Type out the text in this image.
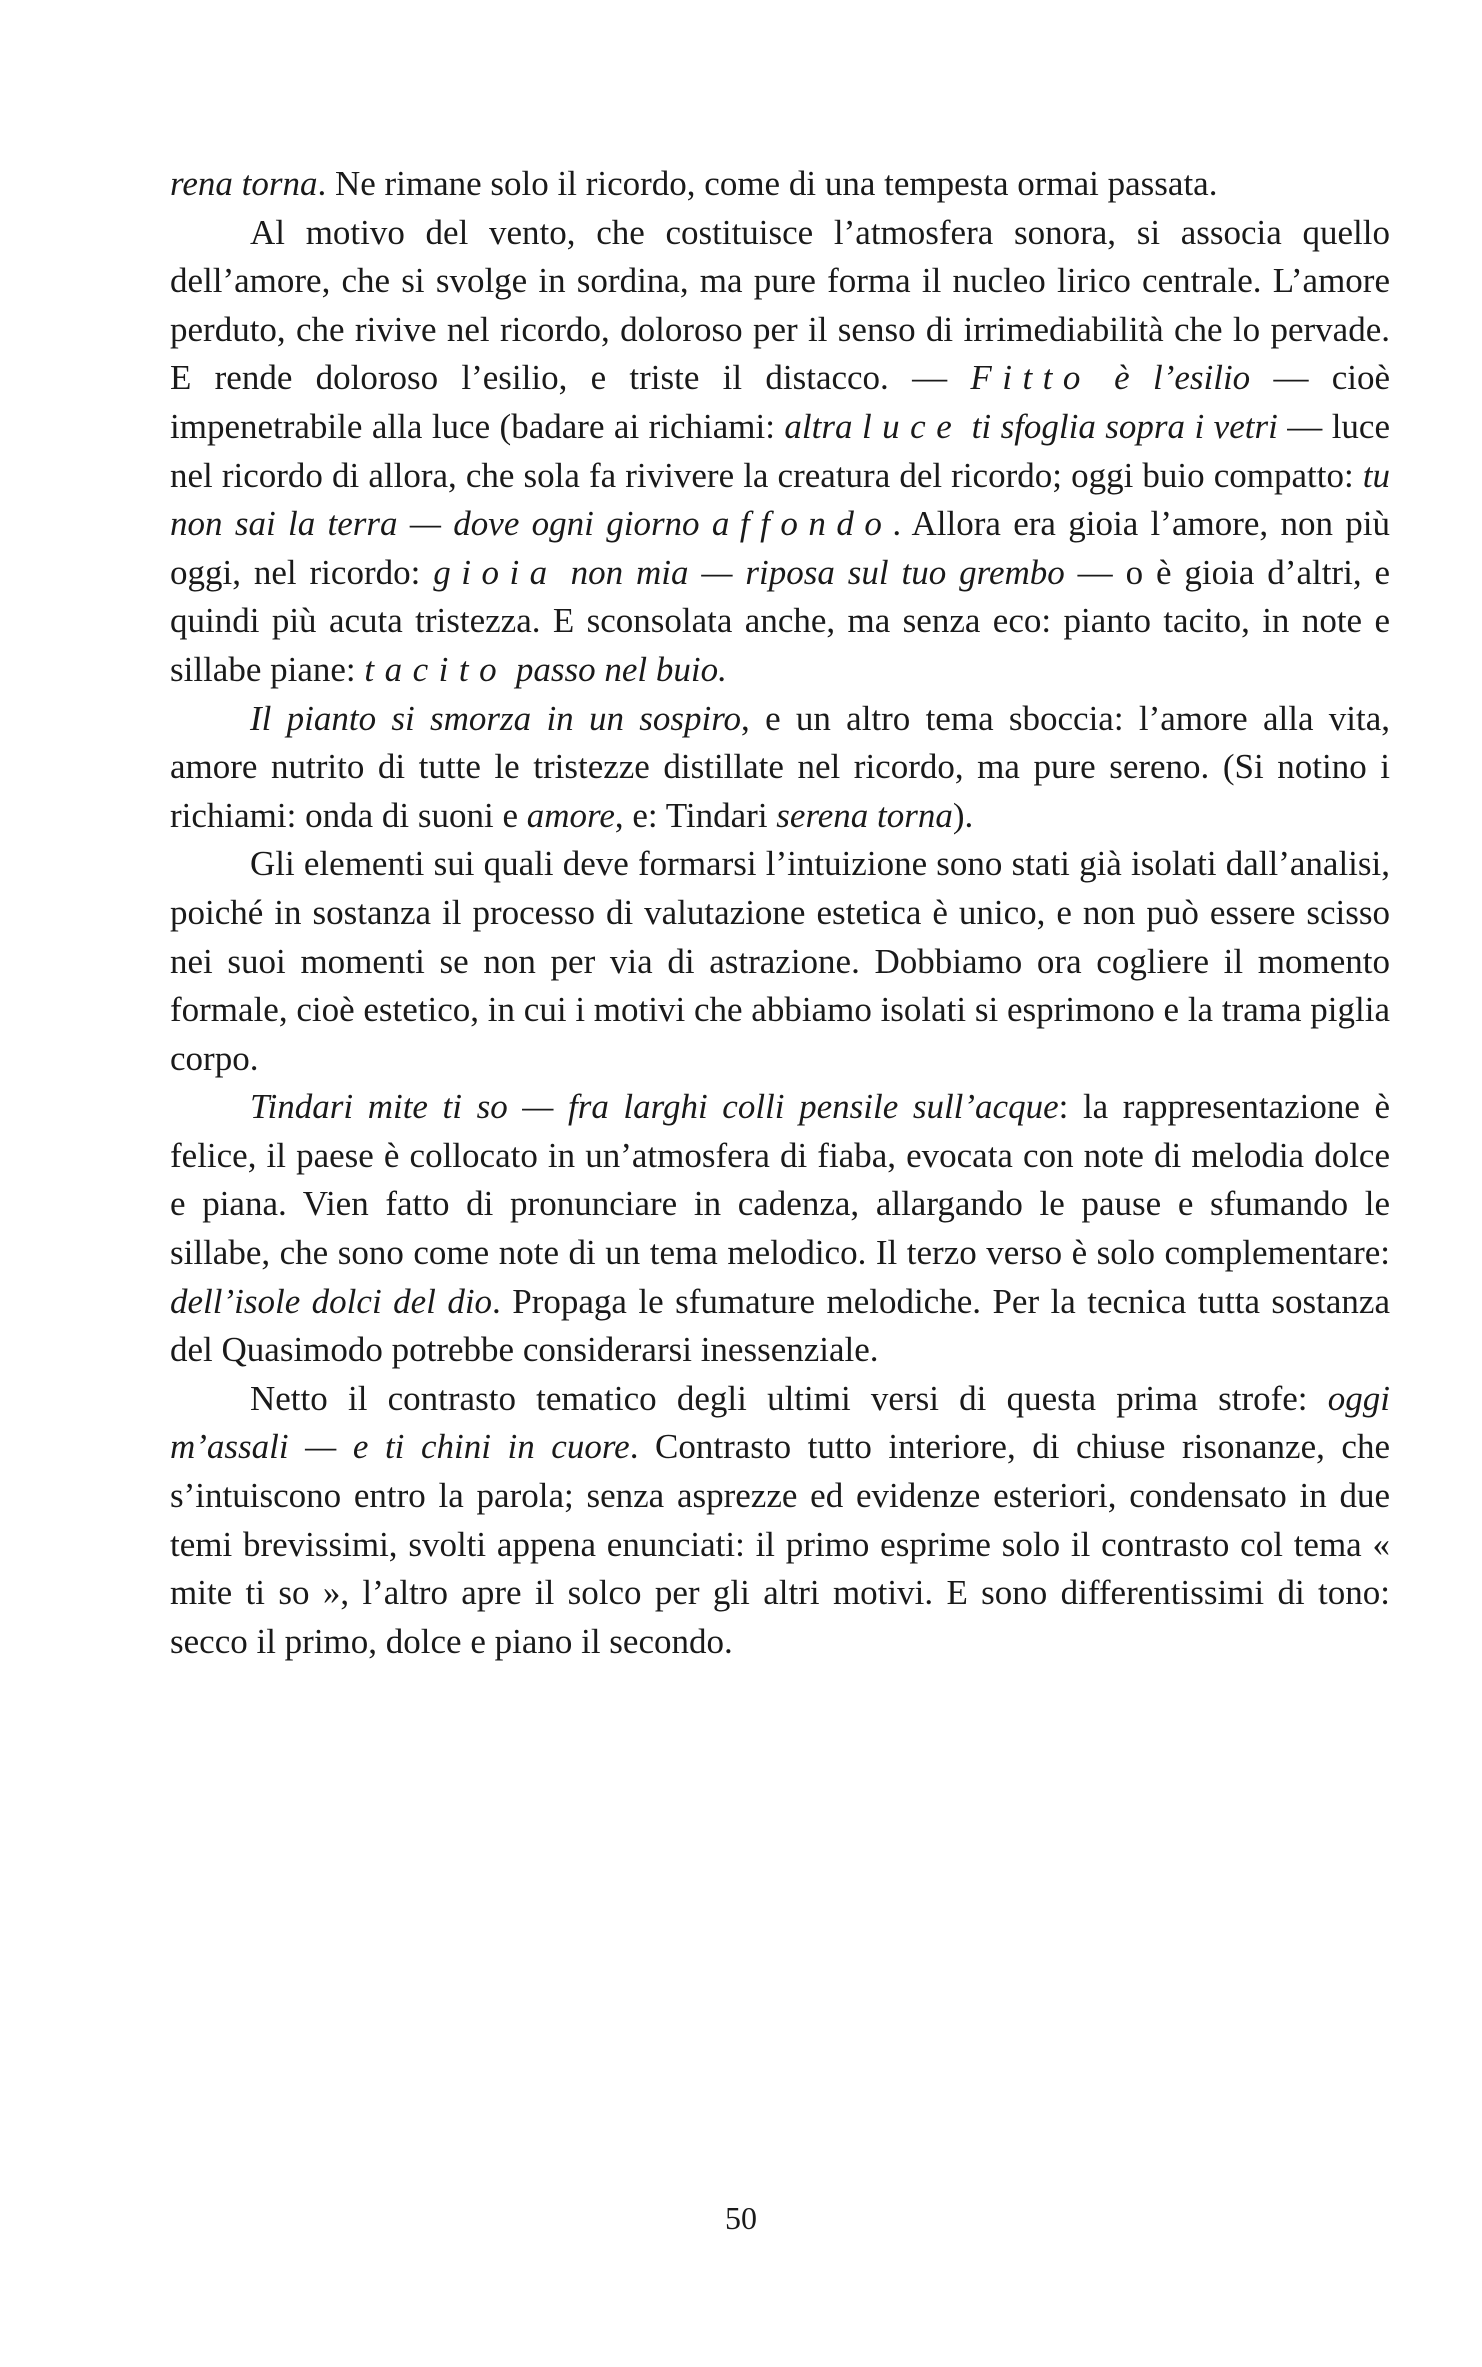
rena torna. Ne rimane solo il ricordo, come di una tempesta ormai passata.

Al motivo del vento, che costituisce l’atmosfera sonora, si associa quello dell’amore, che si svolge in sordina, ma pure forma il nucleo lirico centrale. L’amore perduto, che rivive nel ricordo, doloroso per il senso di irrimediabilità che lo pervade. E rende doloroso l’esilio, e triste il distacco. — Fitto è l’esilio — cioè impenetrabile alla luce (badare ai richiami: altra luce ti sfoglia sopra i vetri — luce nel ricordo di allora, che sola fa rivivere la creatura del ricordo; oggi buio compatto: tu non sai la terra — dove ogni giorno affondo. Allora era gioia l’amore, non più oggi, nel ricordo: gioia non mia — riposa sul tuo grembo — o è gioia d’altri, e quindi più acuta tristezza. E sconsolata anche, ma senza eco: pianto tacito, in note e sillabe piane: tacito passo nel buio.

Il pianto si smorza in un sospiro, e un altro tema sboccia: l’amore alla vita, amore nutrito di tutte le tristezze distillate nel ricordo, ma pure sereno. (Si notino i richiami: onda di suoni e amore, e: Tindari serena torna).

Gli elementi sui quali deve formarsi l’intuizione sono stati già isolati dall’analisi, poiché in sostanza il processo di valutazione estetica è unico, e non può essere scisso nei suoi momenti se non per via di astrazione. Dobbiamo ora cogliere il momento formale, cioè estetico, in cui i motivi che abbiamo isolati si esprimono e la trama piglia corpo.

Tindari mite ti so — fra larghi colli pensile sull’acque: la rappresentazione è felice, il paese è collocato in un’atmosfera di fiaba, evocata con note di melodia dolce e piana. Vien fatto di pronunciare in cadenza, allargando le pause e sfumando le sillabe, che sono come note di un tema melodico. Il terzo verso è solo complementare: dell’isole dolci del dio. Propaga le sfumature melodiche. Per la tecnica tutta sostanza del Quasimodo potrebbe considerarsi inessenziale.

Netto il contrasto tematico degli ultimi versi di questa prima strofe: oggi m’assali — e ti chini in cuore. Contrasto tutto interiore, di chiuse risonanze, che s’intuiscono entro la parola; senza asprezze ed evidenze esteriori, condensato in due temi brevissimi, svolti appena enunciati: il primo esprime solo il contrasto col tema « mite ti so », l’altro apre il solco per gli altri motivi. E sono differentissimi di tono: secco il primo, dolce e piano il secondo.

50
